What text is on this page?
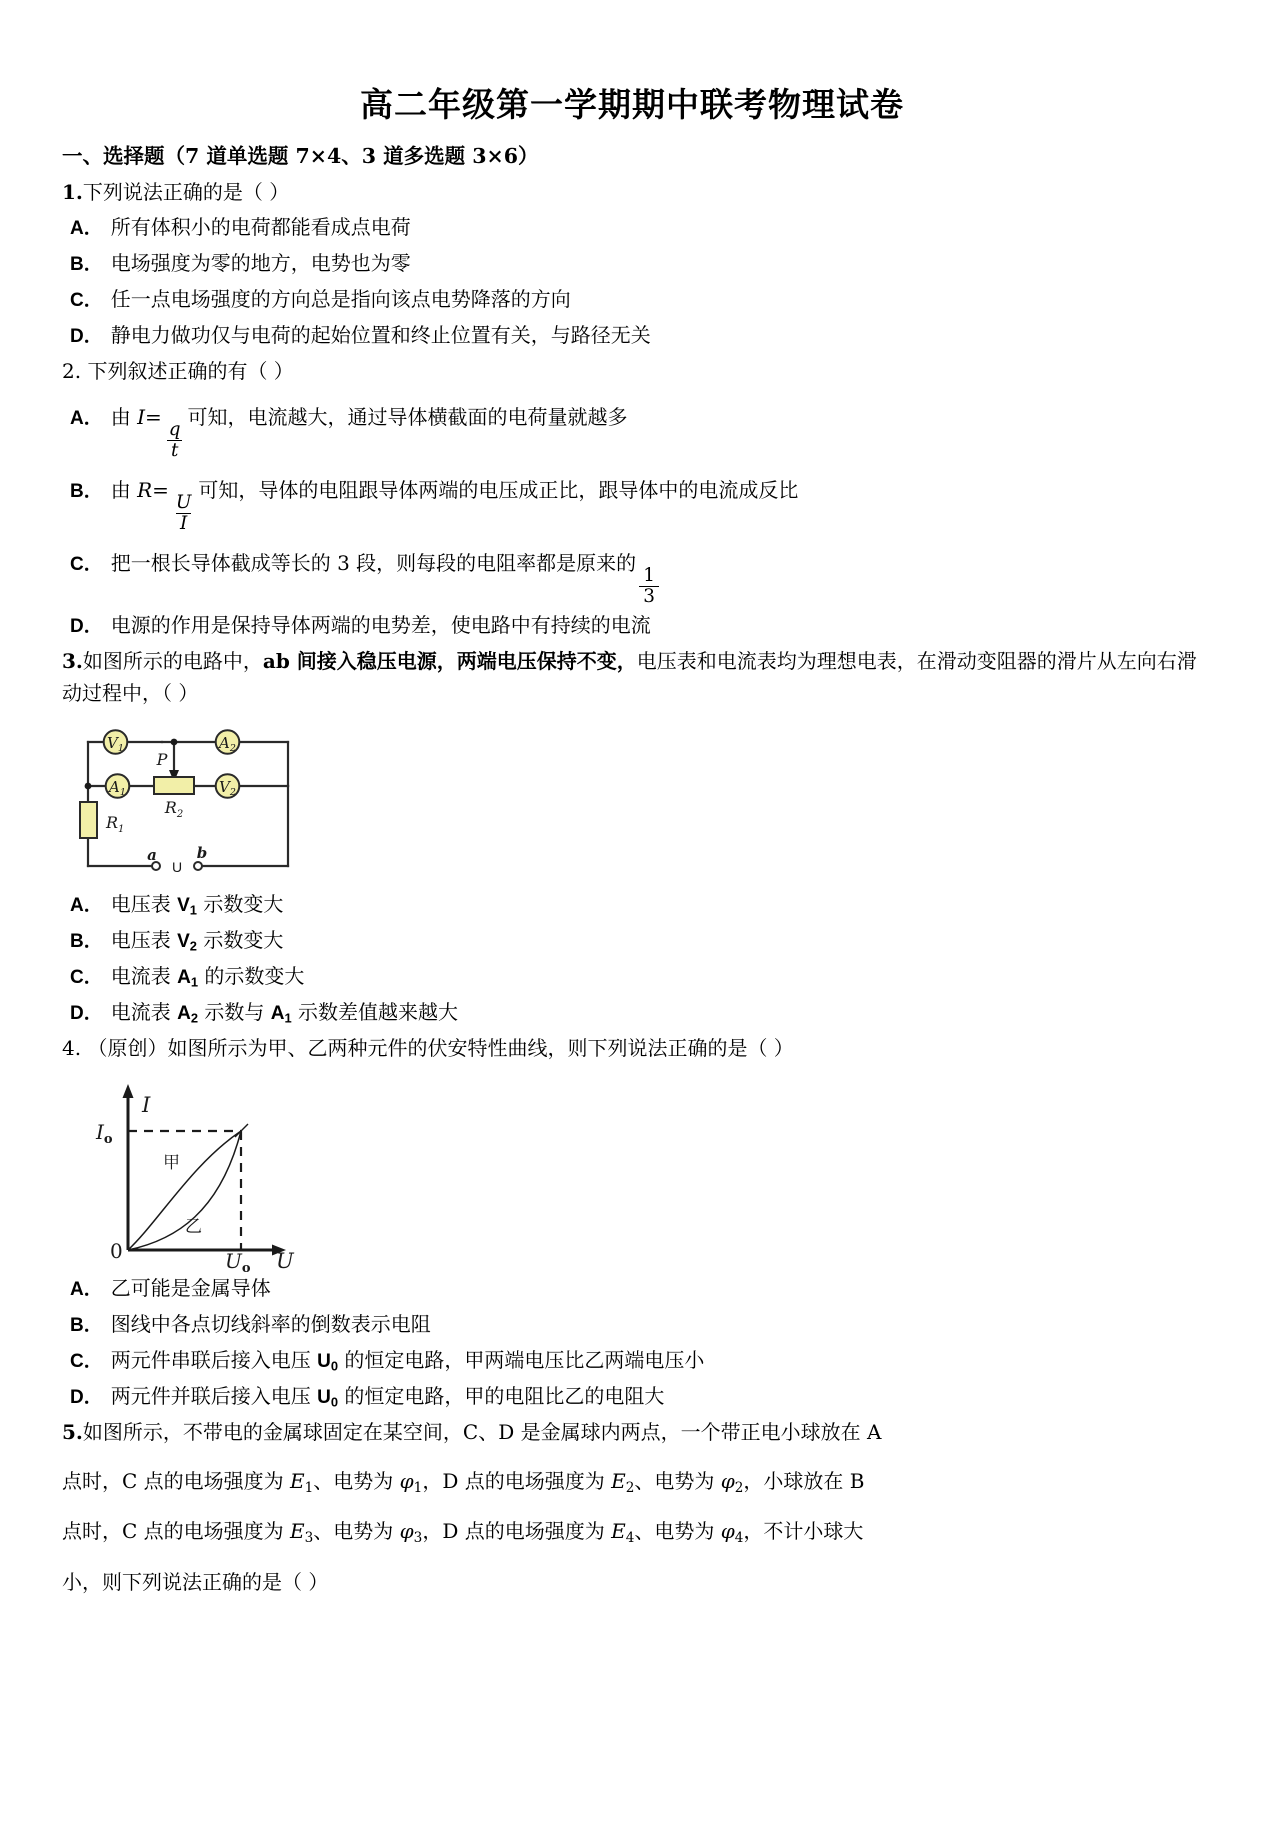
高二年级第一学期期中联考物理试卷
一、选择题（7 道单选题 7×4、3 道多选题 3×6）
1.下列说法正确的是（ ）
A． 所有体积小的电荷都能看成点电荷
B． 电场强度为零的地方，电势也为零
C． 任一点电场强度的方向总是指向该点电势降落的方向
D． 静电力做功仅与电荷的起始位置和终止位置有关，与路径无关
2. 下列叙述正确的有（ ）
A． 由 I=
$\frac{q}{t}$
可知，电流越大，通过导体横截面的电荷量就越多
B． 由 R=
$\frac{U}{I}$
可知，导体的电阻跟导体两端的电压成正比，跟导体中的电流成反比
C． 把一根长导体截成等长的 3 段，则每段的电阻率都是原来的
$\frac{1}{3}$
D． 电源的作用是保持导体两端的电势差，使电路中有持续的电流
3.如图所示的电路中，ab 间接入稳压电源，两端电压保持不变，电压表和电流表均为理想电表，在滑动变阻器的滑片从左向右滑动过程中，（ ）
$V_1$	$A_2$
$A_1$	$V_2$
P
$R_1$
$R_2$
a	b
U
A． 电压表 $V_1$ 示数变大
B． 电压表 $V_2$ 示数变大
C． 电流表 $A_1$ 的示数变大
D． 电流表 $A_2$ 示数与 $A_1$ 示数差值越来越大
4. （原创）如图所示为甲、乙两种元件的伏安特性曲线，则下列说法正确的是（ ）
I
U
$I_o$
$U_o$
0
甲
乙
A． 乙可能是金属导体
B． 图线中各点切线斜率的倒数表示电阻
C． 两元件串联后接入电压 $U_0$ 的恒定电路，甲两端电压比乙两端电压小
D． 两元件并联后接入电压 $U_0$ 的恒定电路，甲的电阻比乙的电阻大
5.如图所示，不带电的金属球固定在某空间，C、D 是金属球内两点，一个带正电小球放在 A
点时，C 点的电场强度为 $E_1$、电势为 $\varphi_1$，D 点的电场强度为 $E_2$、电势为 $\varphi_2$，小球放在 B
点时，C 点的电场强度为 $E_3$、电势为 $\varphi_3$，D 点的电场强度为 $E_4$、电势为 $\varphi_4$，不计小球大
小，则下列说法正确的是（ ）
